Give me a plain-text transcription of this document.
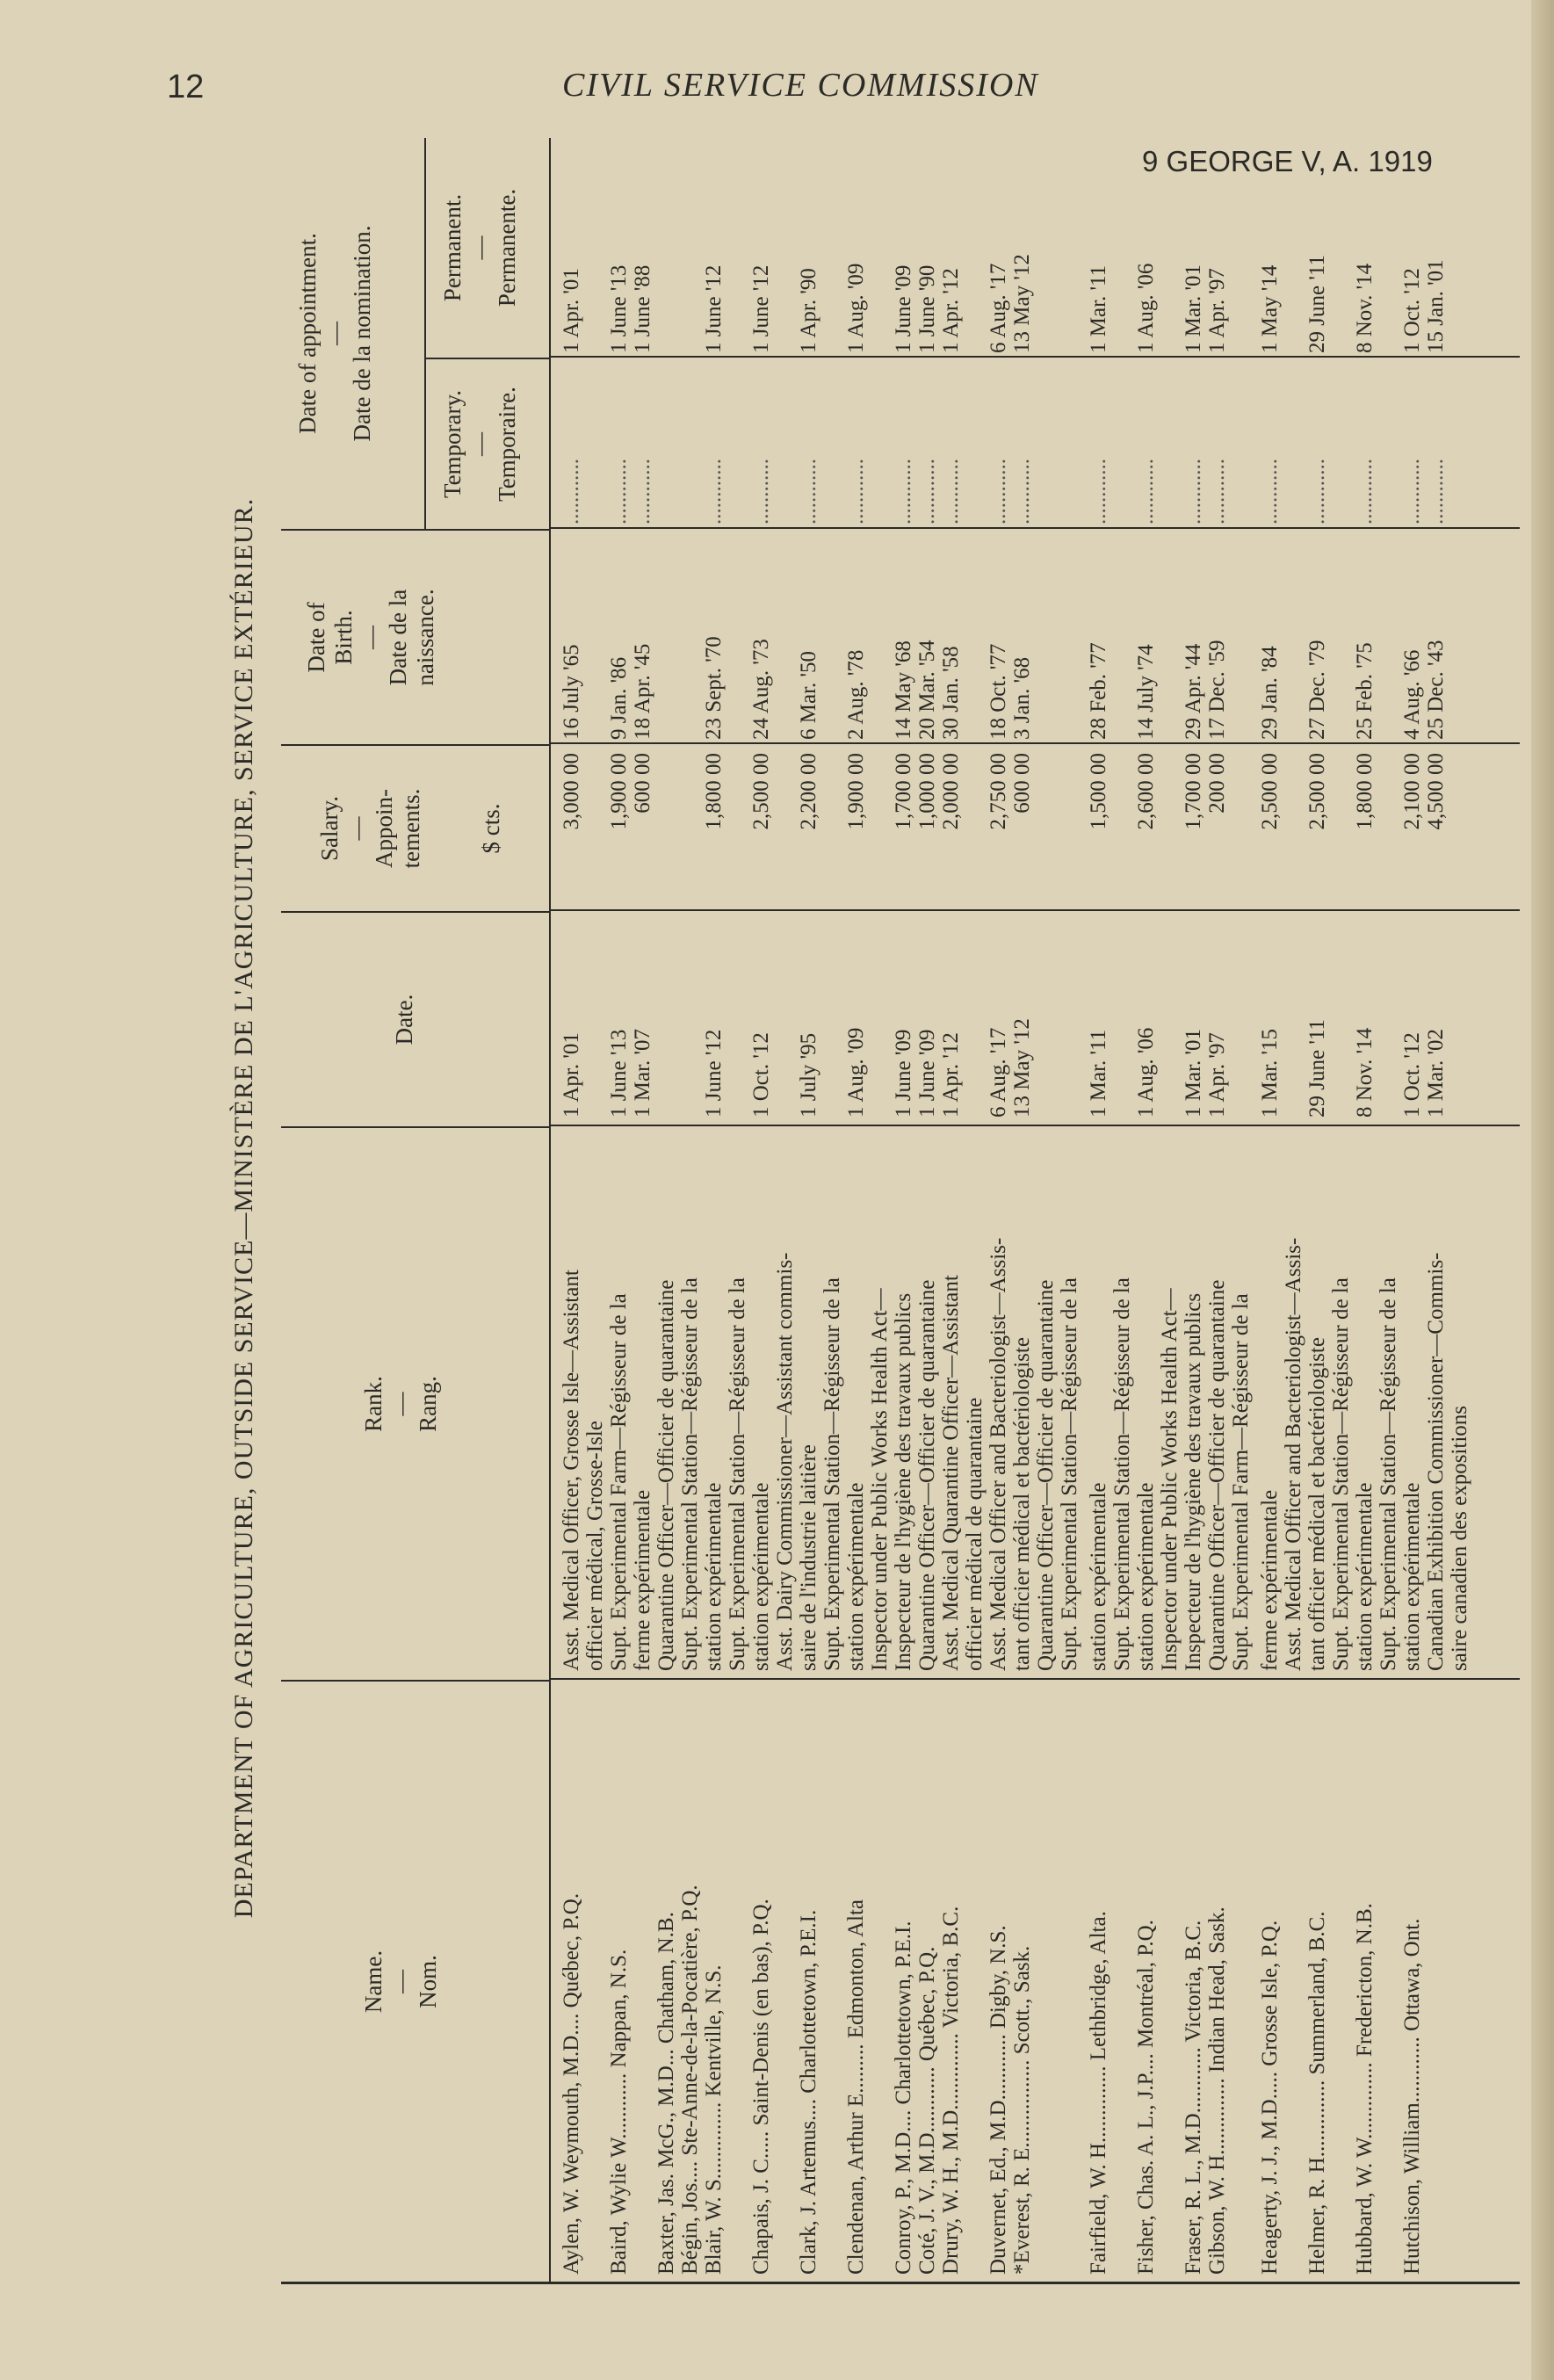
12	CIVIL SERVICE COMMISSION
9 GEORGE V, A. 1919
DEPARTMENT OF AGRICULTURE, OUTSIDE SERVICE—MINISTÈRE DE L'AGRICULTURE, SERVICE EXTÉRIEUR.
Name. — Nom.
Rank. — Rang.
Date.
Salary. — Appoin- tements. $ cts.
Date of Birth. — Date de la naissance.
Date of appointment. — Date de la nomination.
Temporary. — Temporaire.
Permanent. — Permanente.
Aylen, W. Weymouth, M.D.... Québec, P.Q.
Asst. Medical Officer, Grosse Isle—Assistant officier médical, Grosse-Isle
1 Apr. '01
3,000 00
16 July '65
............
1 Apr. '01
Baird, Wylie W............ Nappan, N.S.
Supt. Experimental Farm—Régisseur de la ferme expérimentale
1 June '13 1 Mar. '07
1,900 00 600 00
9 Jan. '86 18 Apr. '45
............ ............
1 June '13 1 June '88
Baxter, Jas. McG., M.D... Chatham, N.B. Bégin, Jos.... Ste-Anne-de-la-Pocatière, P.Q.
Quarantine Officer—Officier de quarantaine Supt. Experimental Station—Régisseur de la
Blair, W. S.............. Kentville, N.S.
station expérimentale Supt. Experimental Station—Régisseur de la
1 June '12
1,800 00
23 Sept. '70
............
1 June '12
Chapais, J. C..... Saint-Denis (en bas), P.Q.
station expérimentale Asst. Dairy Commissioner—Assistant commis-
1 Oct. '12
2,500 00
24 Aug. '73
............
1 June '12
Clark, J. Artemus.... Charlottetown, P.E.I.
saire de l'industrie laitière Supt. Experimental Station—Régisseur de la
1 July '95
2,200 00
6 Mar. '50
............
1 Apr. '90
Clendenan, Arthur E......... Edmonton, Alta
station expérimentale Inspector under Public Works Health Act—
1 Aug. '09
1,900 00
2 Aug. '78
............
1 Aug. '09
Conroy, P., M.D.... Charlottetown, P.E.I. Coté, J. V., M.D............ Québec, P.Q.
Inspecteur de l'hygiène des travaux publics Quarantine Officer—Officier de quarantaine
1 June '09 1 June '09
1,700 00 1,000 00
14 May '68 20 Mar. '54
............ ............
1 June '09 1 June '90
Drury, W. H., M.D.............. Victoria, B.C.
Asst. Medical Quarantine Officer—Assistant officier médical de quarantaine
1 Apr. '12
2,000 00
30 Jan. '58
............
1 Apr. '12
Duvernet, Ed., M.D............ Digby, N.S. *Everest, R. E................ Scott., Sask.
Asst. Medical Officer and Bacteriologist—Assis- tant officier médical et bactériologiste Quarantine Officer—Officier de quarantaine Supt. Experimental Station—Régisseur de la
6 Aug. '17 13 May '12
2,750 00 600 00
18 Oct. '77 3 Jan. '68
............ ............
6 Aug. '17 13 May '12
Fairfield, W. H.............. Lethbridge, Alta.
station expérimentale Supt. Experimental Station—Régisseur de la
1 Mar. '11
1,500 00
28 Feb. '77
............
1 Mar. '11
Fisher, Chas. A. L., J.P.... Montréal, P.Q.
station expérimentale Inspector under Public Works Health Act—
1 Aug. '06
2,600 00
14 July '74
............
1 Aug. '06
Fraser, R. L., M.D............ Victoria, B.C. Gibson, W. H.............. Indian Head, Sask.
Inspecteur de l'hygiène des travaux publics Quarantine Officer—Officier de quarantaine Supt. Experimental Farm—Régisseur de la
1 Mar. '01 1 Apr. '97
1,700 00 200 00
29 Apr. '44 17 Dec. '59
............ ............
1 Mar. '01 1 Apr. '97
Heagerty, J. J., M.D..... Grosse Isle, P.Q.
ferme expérimentale Asst. Medical Officer and Bacteriologist—Assis-
1 Mar. '15
2,500 00
29 Jan. '84
............
1 May '14
Helmer, R. H.............. Summerland, B.C.
tant officier médical et bactériologiste Supt. Experimental Station—Régisseur de la
29 June '11
2,500 00
27 Dec. '79
............
29 June '11
Hubbard, W. W.............. Fredericton, N.B.
station expérimentale Supt. Experimental Station—Régisseur de la
8 Nov. '14
1,800 00
25 Feb. '75
............
8 Nov. '14
Hutchison, William............ Ottawa, Ont.
station expérimentale Canadian Exhibition Commissioner—Commis- saire canadien des expositions
1 Oct. '12 1 Mar. '02
2,100 00 4,500 00
4 Aug. '66 25 Dec. '43
............ ............
1 Oct. '12 15 Jan. '01
